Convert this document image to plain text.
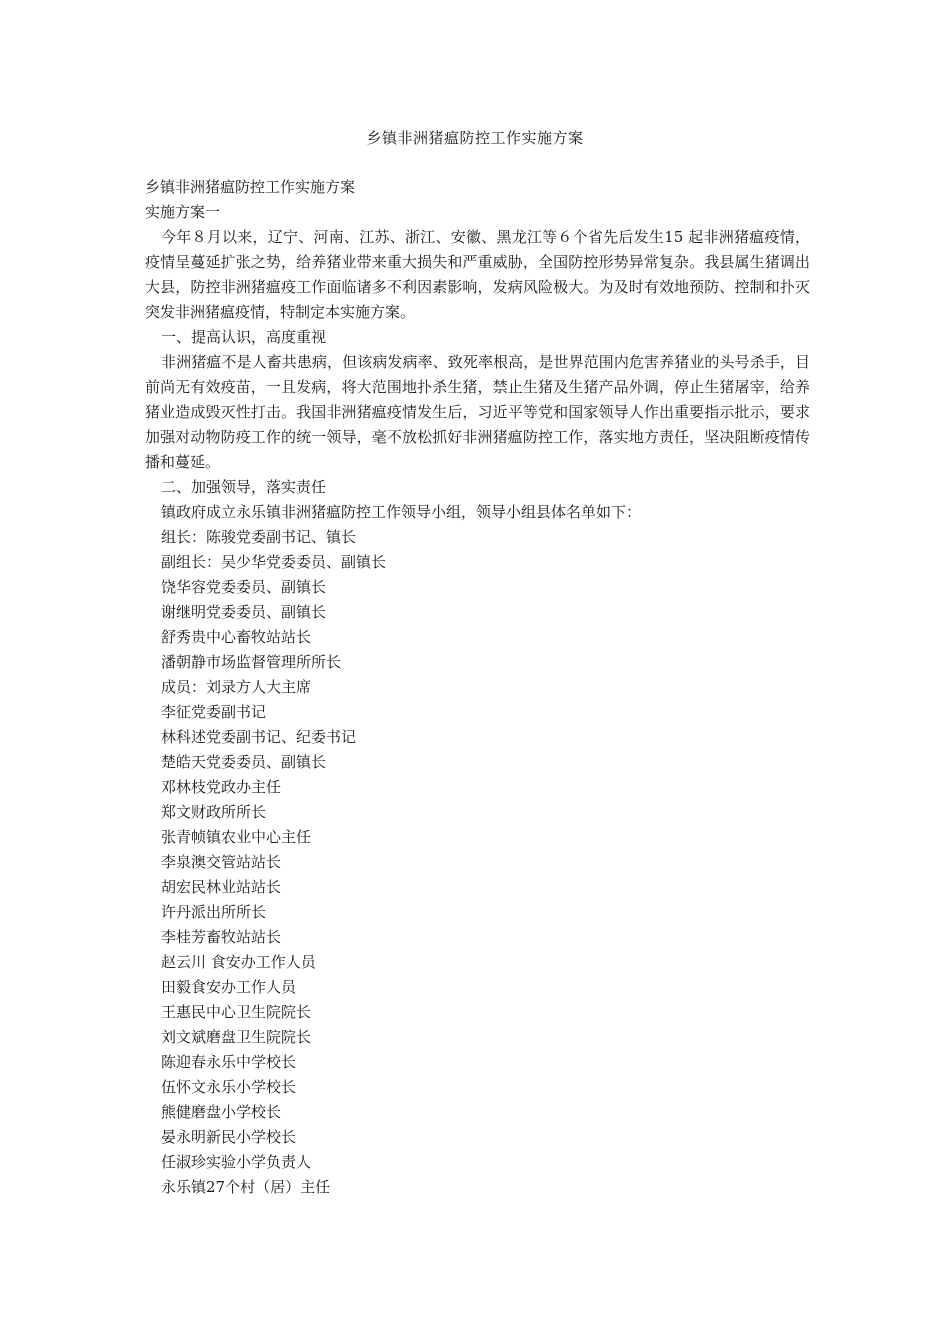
乡镇非洲猪瘟防控工作实施方案

乡镇非洲猪瘟防控工作实施方案

实施方案一

今年８月以来，辽宁、河南、江苏、浙江、安徽、黑龙江等６个省先后发生15 起非洲猪瘟疫情，疫情呈蔓延扩张之势，给养猪业带来重大损失和严重威胁，全国防控形势异常复杂。我县属生猪调出大县，防控非洲猪瘟疫工作面临诸多不利因素影响，发病风险极大。为及时有效地预防、控制和扑灭突发非洲猪瘟疫情，特制定本实施方案。

一、提高认识，高度重视

非洲猪瘟不是人畜共患病，但该病发病率、致死率根高，是世界范围内危害养猪业的头号杀手，目前尚无有效疫苗，一且发病，将大范围地扑杀生猪，禁止生猪及生猪产品外调，停止生猪屠宰，给养猪业造成毁灭性打击。我国非洲猪瘟疫情发生后，习近平等党和国家领导人作出重要指示批示，要求加强对动物防疫工作的统一领导，毫不放松抓好非洲猪瘟防控工作，落实地方责任，坚决阻断疫情传播和蔓延。

二、加强领导，落实责任

镇政府成立永乐镇非洲猪瘟防控工作领导小组，领导小组县体名单如下：

组长：陈骏党委副书记、镇长

副组长：吴少华党委委员、副镇长

饶华容党委委员、副镇长

谢继明党委委员、副镇长

舒秀贵中心畜牧站站长

潘朝静市场监督管理所所长

成员：刘录方人大主席

李征党委副书记

林科述党委副书记、纪委书记

楚皓天党委委员、副镇长

邓林枝党政办主任

郑文财政所所长

张青帧镇农业中心主任

李泉澳交管站站长

胡宏民林业站站长

许丹派出所所长

李桂芳畜牧站站长

赵云川 食安办工作人员

田毅食安办工作人员

王惠民中心卫生院院长

刘文斌磨盘卫生院院长

陈迎春永乐中学校长

伍怀文永乐小学校长

熊健磨盘小学校长

晏永明新民小学校长

任淑珍实验小学负责人

永乐镇27个村（居）主任
